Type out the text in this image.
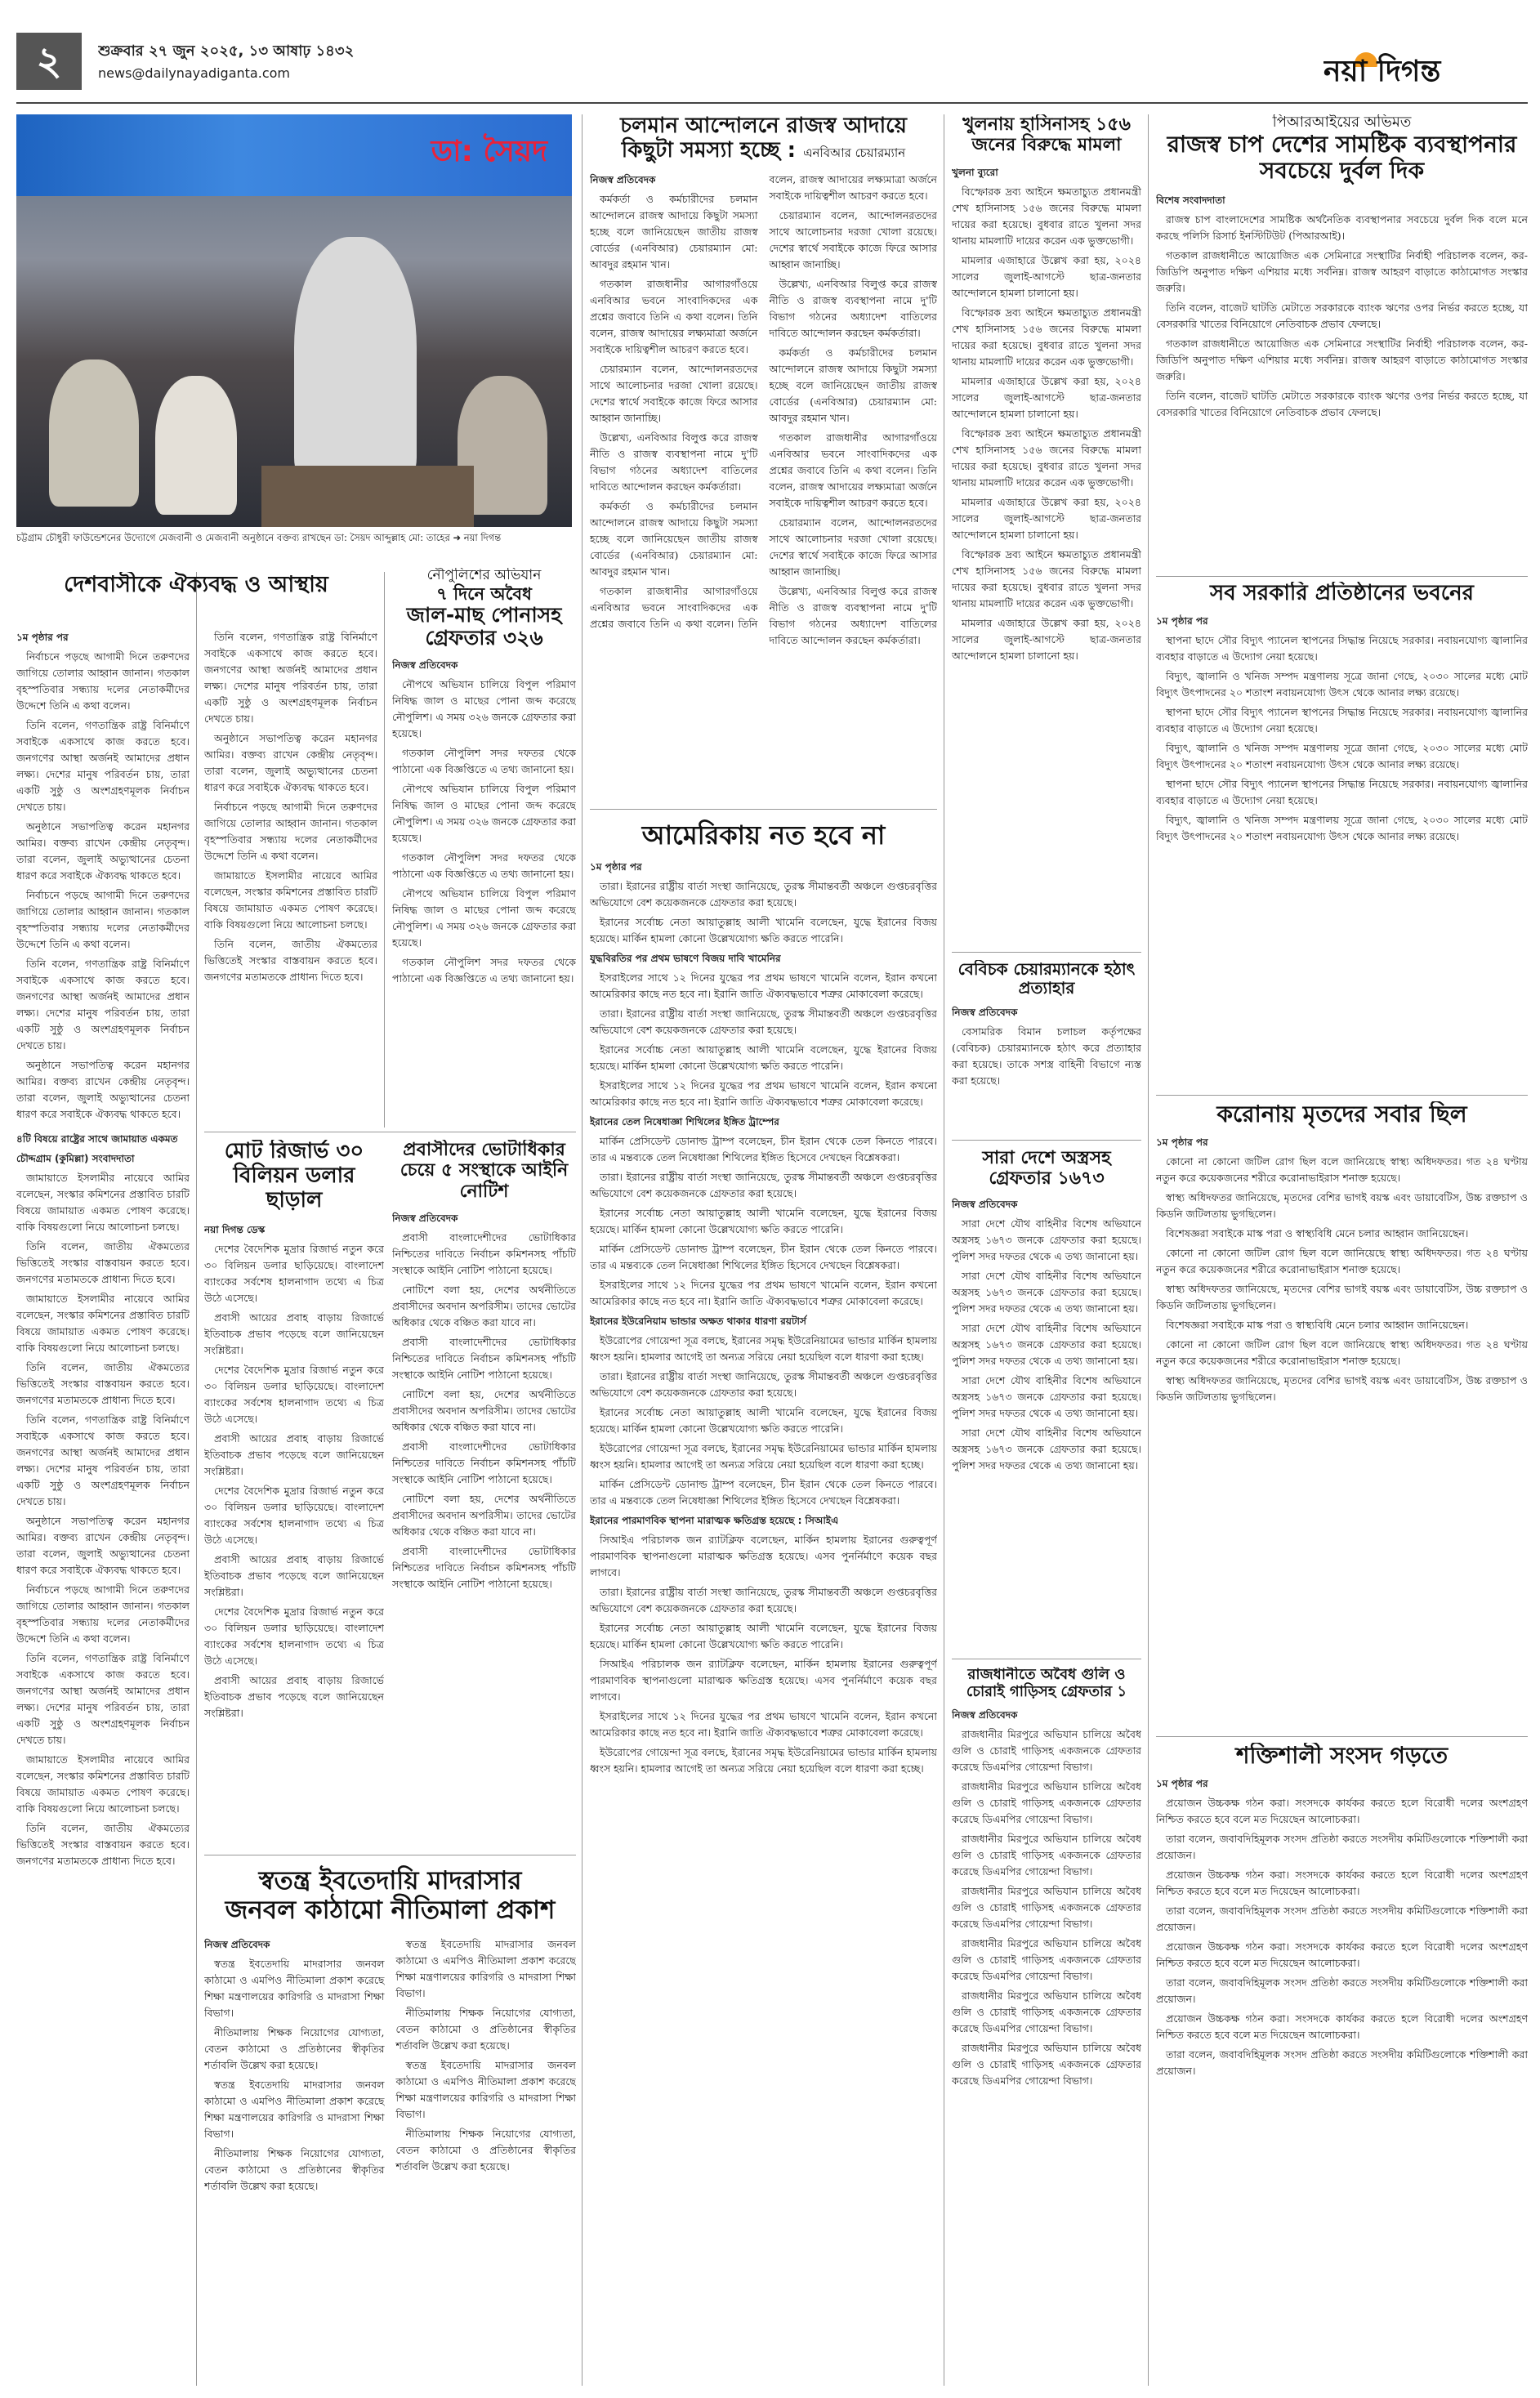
২	শুক্রবার ২৭ জুন ২০২৫, ১৩ আষাঢ় ১৪৩২
news@dailynayadiganta.com	নয়া দিগন্ত
ডা: সৈয়দ
চট্টগ্রাম চৌধুরী ফাউন্ডেশনের উদ্যোগে মেজবানী ও মেজবানী অনুষ্ঠানে বক্তব্য রাখছেন ডা: সৈয়দ আব্দুল্লাহ মো: তাহের ➜ নয়া দিগন্ত
দেশবাসীকে ঐক্যবদ্ধ ও আস্থায়
১ম পৃষ্ঠার পর

নির্বাচনে পড়ছে আগামী দিনে তরুণদের জাগিয়ে তোলার আহ্বান জানান। গতকাল বৃহস্পতিবার সন্ধ্যায় দলের নেতাকর্মীদের উদ্দেশে তিনি এ কথা বলেন।

তিনি বলেন, গণতান্ত্রিক রাষ্ট্র বিনির্মাণে সবাইকে একসাথে কাজ করতে হবে। জনগণের আস্থা অর্জনই আমাদের প্রধান লক্ষ্য। দেশের মানুষ পরিবর্তন চায়, তারা একটি সুষ্ঠু ও অংশগ্রহণমূলক নির্বাচন দেখতে চায়।

অনুষ্ঠানে সভাপতিত্ব করেন মহানগর আমির। বক্তব্য রাখেন কেন্দ্রীয় নেতৃবৃন্দ। তারা বলেন, জুলাই অভ্যুত্থানের চেতনা ধারণ করে সবাইকে ঐক্যবদ্ধ থাকতে হবে।

নির্বাচনে পড়ছে আগামী দিনে তরুণদের জাগিয়ে তোলার আহ্বান জানান। গতকাল বৃহস্পতিবার সন্ধ্যায় দলের নেতাকর্মীদের উদ্দেশে তিনি এ কথা বলেন।

তিনি বলেন, গণতান্ত্রিক রাষ্ট্র বিনির্মাণে সবাইকে একসাথে কাজ করতে হবে। জনগণের আস্থা অর্জনই আমাদের প্রধান লক্ষ্য। দেশের মানুষ পরিবর্তন চায়, তারা একটি সুষ্ঠু ও অংশগ্রহণমূলক নির্বাচন দেখতে চায়।

অনুষ্ঠানে সভাপতিত্ব করেন মহানগর আমির। বক্তব্য রাখেন কেন্দ্রীয় নেতৃবৃন্দ। তারা বলেন, জুলাই অভ্যুত্থানের চেতনা ধারণ করে সবাইকে ঐক্যবদ্ধ থাকতে হবে।

৪টি বিষয়ে রাষ্ট্রের সাথে জামায়াত একমত
চৌদ্দগ্রাম (কুমিল্লা) সংবাদদাতা

জামায়াতে ইসলামীর নায়েবে আমির বলেছেন, সংস্কার কমিশনের প্রস্তাবিত চারটি বিষয়ে জামায়াত একমত পোষণ করেছে। বাকি বিষয়গুলো নিয়ে আলোচনা চলছে।

তিনি বলেন, জাতীয় ঐকমত্যের ভিত্তিতেই সংস্কার বাস্তবায়ন করতে হবে। জনগণের মতামতকে প্রাধান্য দিতে হবে।

জামায়াতে ইসলামীর নায়েবে আমির বলেছেন, সংস্কার কমিশনের প্রস্তাবিত চারটি বিষয়ে জামায়াত একমত পোষণ করেছে। বাকি বিষয়গুলো নিয়ে আলোচনা চলছে।

তিনি বলেন, জাতীয় ঐকমত্যের ভিত্তিতেই সংস্কার বাস্তবায়ন করতে হবে। জনগণের মতামতকে প্রাধান্য দিতে হবে।

তিনি বলেন, গণতান্ত্রিক রাষ্ট্র বিনির্মাণে সবাইকে একসাথে কাজ করতে হবে। জনগণের আস্থা অর্জনই আমাদের প্রধান লক্ষ্য। দেশের মানুষ পরিবর্তন চায়, তারা একটি সুষ্ঠু ও অংশগ্রহণমূলক নির্বাচন দেখতে চায়।

অনুষ্ঠানে সভাপতিত্ব করেন মহানগর আমির। বক্তব্য রাখেন কেন্দ্রীয় নেতৃবৃন্দ। তারা বলেন, জুলাই অভ্যুত্থানের চেতনা ধারণ করে সবাইকে ঐক্যবদ্ধ থাকতে হবে।

নির্বাচনে পড়ছে আগামী দিনে তরুণদের জাগিয়ে তোলার আহ্বান জানান। গতকাল বৃহস্পতিবার সন্ধ্যায় দলের নেতাকর্মীদের উদ্দেশে তিনি এ কথা বলেন।

তিনি বলেন, গণতান্ত্রিক রাষ্ট্র বিনির্মাণে সবাইকে একসাথে কাজ করতে হবে। জনগণের আস্থা অর্জনই আমাদের প্রধান লক্ষ্য। দেশের মানুষ পরিবর্তন চায়, তারা একটি সুষ্ঠু ও অংশগ্রহণমূলক নির্বাচন দেখতে চায়।

জামায়াতে ইসলামীর নায়েবে আমির বলেছেন, সংস্কার কমিশনের প্রস্তাবিত চারটি বিষয়ে জামায়াত একমত পোষণ করেছে। বাকি বিষয়গুলো নিয়ে আলোচনা চলছে।

তিনি বলেন, জাতীয় ঐকমত্যের ভিত্তিতেই সংস্কার বাস্তবায়ন করতে হবে। জনগণের মতামতকে প্রাধান্য দিতে হবে।

তিনি বলেন, গণতান্ত্রিক রাষ্ট্র বিনির্মাণে সবাইকে একসাথে কাজ করতে হবে। জনগণের আস্থা অর্জনই আমাদের প্রধান লক্ষ্য। দেশের মানুষ পরিবর্তন চায়, তারা একটি সুষ্ঠু ও অংশগ্রহণমূলক নির্বাচন দেখতে চায়।

অনুষ্ঠানে সভাপতিত্ব করেন মহানগর আমির। বক্তব্য রাখেন কেন্দ্রীয় নেতৃবৃন্দ। তারা বলেন, জুলাই অভ্যুত্থানের চেতনা ধারণ করে সবাইকে ঐক্যবদ্ধ থাকতে হবে।

নির্বাচনে পড়ছে আগামী দিনে তরুণদের জাগিয়ে তোলার আহ্বান জানান। গতকাল বৃহস্পতিবার সন্ধ্যায় দলের নেতাকর্মীদের উদ্দেশে তিনি এ কথা বলেন।

জামায়াতে ইসলামীর নায়েবে আমির বলেছেন, সংস্কার কমিশনের প্রস্তাবিত চারটি বিষয়ে জামায়াত একমত পোষণ করেছে। বাকি বিষয়গুলো নিয়ে আলোচনা চলছে।

তিনি বলেন, জাতীয় ঐকমত্যের ভিত্তিতেই সংস্কার বাস্তবায়ন করতে হবে। জনগণের মতামতকে প্রাধান্য দিতে হবে।

নৌপুলিশের অভিযান
৭ দিনে অবৈধ
জাল-মাছ পোনাসহ
গ্রেফতার ৩২৬
নিজস্ব প্রতিবেদক

নৌপথে অভিযান চালিয়ে বিপুল পরিমাণ নিষিদ্ধ জাল ও মাছের পোনা জব্দ করেছে নৌপুলিশ। এ সময় ৩২৬ জনকে গ্রেফতার করা হয়েছে।

গতকাল নৌপুলিশ সদর দফতর থেকে পাঠানো এক বিজ্ঞপ্তিতে এ তথ্য জানানো হয়।

নৌপথে অভিযান চালিয়ে বিপুল পরিমাণ নিষিদ্ধ জাল ও মাছের পোনা জব্দ করেছে নৌপুলিশ। এ সময় ৩২৬ জনকে গ্রেফতার করা হয়েছে।

গতকাল নৌপুলিশ সদর দফতর থেকে পাঠানো এক বিজ্ঞপ্তিতে এ তথ্য জানানো হয়।

নৌপথে অভিযান চালিয়ে বিপুল পরিমাণ নিষিদ্ধ জাল ও মাছের পোনা জব্দ করেছে নৌপুলিশ। এ সময় ৩২৬ জনকে গ্রেফতার করা হয়েছে।

গতকাল নৌপুলিশ সদর দফতর থেকে পাঠানো এক বিজ্ঞপ্তিতে এ তথ্য জানানো হয়।

মোট রিজার্ভ ৩০ বিলিয়ন ডলার ছাড়াল
নয়া দিগন্ত ডেস্ক

দেশের বৈদেশিক মুদ্রার রিজার্ভ নতুন করে ৩০ বিলিয়ন ডলার ছাড়িয়েছে। বাংলাদেশ ব্যাংকের সর্বশেষ হালনাগাদ তথ্যে এ চিত্র উঠে এসেছে।

প্রবাসী আয়ের প্রবাহ বাড়ায় রিজার্ভে ইতিবাচক প্রভাব পড়েছে বলে জানিয়েছেন সংশ্লিষ্টরা।

দেশের বৈদেশিক মুদ্রার রিজার্ভ নতুন করে ৩০ বিলিয়ন ডলার ছাড়িয়েছে। বাংলাদেশ ব্যাংকের সর্বশেষ হালনাগাদ তথ্যে এ চিত্র উঠে এসেছে।

প্রবাসী আয়ের প্রবাহ বাড়ায় রিজার্ভে ইতিবাচক প্রভাব পড়েছে বলে জানিয়েছেন সংশ্লিষ্টরা।

দেশের বৈদেশিক মুদ্রার রিজার্ভ নতুন করে ৩০ বিলিয়ন ডলার ছাড়িয়েছে। বাংলাদেশ ব্যাংকের সর্বশেষ হালনাগাদ তথ্যে এ চিত্র উঠে এসেছে।

প্রবাসী আয়ের প্রবাহ বাড়ায় রিজার্ভে ইতিবাচক প্রভাব পড়েছে বলে জানিয়েছেন সংশ্লিষ্টরা।

দেশের বৈদেশিক মুদ্রার রিজার্ভ নতুন করে ৩০ বিলিয়ন ডলার ছাড়িয়েছে। বাংলাদেশ ব্যাংকের সর্বশেষ হালনাগাদ তথ্যে এ চিত্র উঠে এসেছে।

প্রবাসী আয়ের প্রবাহ বাড়ায় রিজার্ভে ইতিবাচক প্রভাব পড়েছে বলে জানিয়েছেন সংশ্লিষ্টরা।

প্রবাসীদের ভোটাধিকার চেয়ে ৫ সংস্থাকে আইনি নোটিশ
নিজস্ব প্রতিবেদক

প্রবাসী বাংলাদেশীদের ভোটাধিকার নিশ্চিতের দাবিতে নির্বাচন কমিশনসহ পাঁচটি সংস্থাকে আইনি নোটিশ পাঠানো হয়েছে।

নোটিশে বলা হয়, দেশের অর্থনীতিতে প্রবাসীদের অবদান অপরিসীম। তাদের ভোটের অধিকার থেকে বঞ্চিত করা যাবে না।

প্রবাসী বাংলাদেশীদের ভোটাধিকার নিশ্চিতের দাবিতে নির্বাচন কমিশনসহ পাঁচটি সংস্থাকে আইনি নোটিশ পাঠানো হয়েছে।

নোটিশে বলা হয়, দেশের অর্থনীতিতে প্রবাসীদের অবদান অপরিসীম। তাদের ভোটের অধিকার থেকে বঞ্চিত করা যাবে না।

প্রবাসী বাংলাদেশীদের ভোটাধিকার নিশ্চিতের দাবিতে নির্বাচন কমিশনসহ পাঁচটি সংস্থাকে আইনি নোটিশ পাঠানো হয়েছে।

নোটিশে বলা হয়, দেশের অর্থনীতিতে প্রবাসীদের অবদান অপরিসীম। তাদের ভোটের অধিকার থেকে বঞ্চিত করা যাবে না।

প্রবাসী বাংলাদেশীদের ভোটাধিকার নিশ্চিতের দাবিতে নির্বাচন কমিশনসহ পাঁচটি সংস্থাকে আইনি নোটিশ পাঠানো হয়েছে।

স্বতন্ত্র ইবতেদায়ি মাদরাসার জনবল কাঠামো নীতিমালা প্রকাশ
নিজস্ব প্রতিবেদক

স্বতন্ত্র ইবতেদায়ি মাদরাসার জনবল কাঠামো ও এমপিও নীতিমালা প্রকাশ করেছে শিক্ষা মন্ত্রণালয়ের কারিগরি ও মাদরাসা শিক্ষা বিভাগ।

নীতিমালায় শিক্ষক নিয়োগের যোগ্যতা, বেতন কাঠামো ও প্রতিষ্ঠানের স্বীকৃতির শর্তাবলি উল্লেখ করা হয়েছে।

স্বতন্ত্র ইবতেদায়ি মাদরাসার জনবল কাঠামো ও এমপিও নীতিমালা প্রকাশ করেছে শিক্ষা মন্ত্রণালয়ের কারিগরি ও মাদরাসা শিক্ষা বিভাগ।

নীতিমালায় শিক্ষক নিয়োগের যোগ্যতা, বেতন কাঠামো ও প্রতিষ্ঠানের স্বীকৃতির শর্তাবলি উল্লেখ করা হয়েছে।

স্বতন্ত্র ইবতেদায়ি মাদরাসার জনবল কাঠামো ও এমপিও নীতিমালা প্রকাশ করেছে শিক্ষা মন্ত্রণালয়ের কারিগরি ও মাদরাসা শিক্ষা বিভাগ।

নীতিমালায় শিক্ষক নিয়োগের যোগ্যতা, বেতন কাঠামো ও প্রতিষ্ঠানের স্বীকৃতির শর্তাবলি উল্লেখ করা হয়েছে।

স্বতন্ত্র ইবতেদায়ি মাদরাসার জনবল কাঠামো ও এমপিও নীতিমালা প্রকাশ করেছে শিক্ষা মন্ত্রণালয়ের কারিগরি ও মাদরাসা শিক্ষা বিভাগ।

নীতিমালায় শিক্ষক নিয়োগের যোগ্যতা, বেতন কাঠামো ও প্রতিষ্ঠানের স্বীকৃতির শর্তাবলি উল্লেখ করা হয়েছে।

চলমান আন্দোলনে রাজস্ব আদায়ে
কিছুটা সমস্যা হচ্ছে : এনবিআর চেয়ারম্যান
নিজস্ব প্রতিবেদক

কর্মকর্তা ও কর্মচারীদের চলমান আন্দোলনে রাজস্ব আদায়ে কিছুটা সমস্যা হচ্ছে বলে জানিয়েছেন জাতীয় রাজস্ব বোর্ডের (এনবিআর) চেয়ারম্যান মো: আবদুর রহমান খান।

গতকাল রাজধানীর আগারগাঁওয়ে এনবিআর ভবনে সাংবাদিকদের এক প্রশ্নের জবাবে তিনি এ কথা বলেন। তিনি বলেন, রাজস্ব আদায়ের লক্ষ্যমাত্রা অর্জনে সবাইকে দায়িত্বশীল আচরণ করতে হবে।

চেয়ারম্যান বলেন, আন্দোলনরতদের সাথে আলোচনার দরজা খোলা রয়েছে। দেশের স্বার্থে সবাইকে কাজে ফিরে আসার আহ্বান জানাচ্ছি।

উল্লেখ্য, এনবিআর বিলুপ্ত করে রাজস্ব নীতি ও রাজস্ব ব্যবস্থাপনা নামে দু'টি বিভাগ গঠনের অধ্যাদেশ বাতিলের দাবিতে আন্দোলন করছেন কর্মকর্তারা।

কর্মকর্তা ও কর্মচারীদের চলমান আন্দোলনে রাজস্ব আদায়ে কিছুটা সমস্যা হচ্ছে বলে জানিয়েছেন জাতীয় রাজস্ব বোর্ডের (এনবিআর) চেয়ারম্যান মো: আবদুর রহমান খান।

গতকাল রাজধানীর আগারগাঁওয়ে এনবিআর ভবনে সাংবাদিকদের এক প্রশ্নের জবাবে তিনি এ কথা বলেন। তিনি বলেন, রাজস্ব আদায়ের লক্ষ্যমাত্রা অর্জনে সবাইকে দায়িত্বশীল আচরণ করতে হবে।

চেয়ারম্যান বলেন, আন্দোলনরতদের সাথে আলোচনার দরজা খোলা রয়েছে। দেশের স্বার্থে সবাইকে কাজে ফিরে আসার আহ্বান জানাচ্ছি।

উল্লেখ্য, এনবিআর বিলুপ্ত করে রাজস্ব নীতি ও রাজস্ব ব্যবস্থাপনা নামে দু'টি বিভাগ গঠনের অধ্যাদেশ বাতিলের দাবিতে আন্দোলন করছেন কর্মকর্তারা।

কর্মকর্তা ও কর্মচারীদের চলমান আন্দোলনে রাজস্ব আদায়ে কিছুটা সমস্যা হচ্ছে বলে জানিয়েছেন জাতীয় রাজস্ব বোর্ডের (এনবিআর) চেয়ারম্যান মো: আবদুর রহমান খান।

গতকাল রাজধানীর আগারগাঁওয়ে এনবিআর ভবনে সাংবাদিকদের এক প্রশ্নের জবাবে তিনি এ কথা বলেন। তিনি বলেন, রাজস্ব আদায়ের লক্ষ্যমাত্রা অর্জনে সবাইকে দায়িত্বশীল আচরণ করতে হবে।

চেয়ারম্যান বলেন, আন্দোলনরতদের সাথে আলোচনার দরজা খোলা রয়েছে। দেশের স্বার্থে সবাইকে কাজে ফিরে আসার আহ্বান জানাচ্ছি।

উল্লেখ্য, এনবিআর বিলুপ্ত করে রাজস্ব নীতি ও রাজস্ব ব্যবস্থাপনা নামে দু'টি বিভাগ গঠনের অধ্যাদেশ বাতিলের দাবিতে আন্দোলন করছেন কর্মকর্তারা।

আমেরিকায় নত হবে না
১ম পৃষ্ঠার পর

তারা। ইরানের রাষ্ট্রীয় বার্তা সংস্থা জানিয়েছে, তুরস্ক সীমান্তবর্তী অঞ্চলে গুপ্তচরবৃত্তির অভিযোগে বেশ কয়েকজনকে গ্রেফতার করা হয়েছে।

ইরানের সর্বোচ্চ নেতা আয়াতুল্লাহ আলী খামেনি বলেছেন, যুদ্ধে ইরানের বিজয় হয়েছে। মার্কিন হামলা কোনো উল্লেখযোগ্য ক্ষতি করতে পারেনি।

যুদ্ধবিরতির পর প্রথম ভাষণে বিজয় দাবি খামেনির

ইসরাইলের সাথে ১২ দিনের যুদ্ধের পর প্রথম ভাষণে খামেনি বলেন, ইরান কখনো আমেরিকার কাছে নত হবে না। ইরানি জাতি ঐক্যবদ্ধভাবে শত্রুর মোকাবেলা করেছে।

তারা। ইরানের রাষ্ট্রীয় বার্তা সংস্থা জানিয়েছে, তুরস্ক সীমান্তবর্তী অঞ্চলে গুপ্তচরবৃত্তির অভিযোগে বেশ কয়েকজনকে গ্রেফতার করা হয়েছে।

ইরানের সর্বোচ্চ নেতা আয়াতুল্লাহ আলী খামেনি বলেছেন, যুদ্ধে ইরানের বিজয় হয়েছে। মার্কিন হামলা কোনো উল্লেখযোগ্য ক্ষতি করতে পারেনি।

ইসরাইলের সাথে ১২ দিনের যুদ্ধের পর প্রথম ভাষণে খামেনি বলেন, ইরান কখনো আমেরিকার কাছে নত হবে না। ইরানি জাতি ঐক্যবদ্ধভাবে শত্রুর মোকাবেলা করেছে।

ইরানের তেল নিষেধাজ্ঞা শিথিলের ইঙ্গিত ট্রাম্পের

মার্কিন প্রেসিডেন্ট ডোনাল্ড ট্রাম্প বলেছেন, চীন ইরান থেকে তেল কিনতে পারবে। তার এ মন্তব্যকে তেল নিষেধাজ্ঞা শিথিলের ইঙ্গিত হিসেবে দেখছেন বিশ্লেষকরা।

তারা। ইরানের রাষ্ট্রীয় বার্তা সংস্থা জানিয়েছে, তুরস্ক সীমান্তবর্তী অঞ্চলে গুপ্তচরবৃত্তির অভিযোগে বেশ কয়েকজনকে গ্রেফতার করা হয়েছে।

ইরানের সর্বোচ্চ নেতা আয়াতুল্লাহ আলী খামেনি বলেছেন, যুদ্ধে ইরানের বিজয় হয়েছে। মার্কিন হামলা কোনো উল্লেখযোগ্য ক্ষতি করতে পারেনি।

মার্কিন প্রেসিডেন্ট ডোনাল্ড ট্রাম্প বলেছেন, চীন ইরান থেকে তেল কিনতে পারবে। তার এ মন্তব্যকে তেল নিষেধাজ্ঞা শিথিলের ইঙ্গিত হিসেবে দেখছেন বিশ্লেষকরা।

ইসরাইলের সাথে ১২ দিনের যুদ্ধের পর প্রথম ভাষণে খামেনি বলেন, ইরান কখনো আমেরিকার কাছে নত হবে না। ইরানি জাতি ঐক্যবদ্ধভাবে শত্রুর মোকাবেলা করেছে।

ইরানের ইউরেনিয়াম ভান্ডার অক্ষত থাকার ধারণা রয়টার্স

ইউরোপের গোয়েন্দা সূত্র বলছে, ইরানের সমৃদ্ধ ইউরেনিয়ামের ভান্ডার মার্কিন হামলায় ধ্বংস হয়নি। হামলার আগেই তা অন্যত্র সরিয়ে নেয়া হয়েছিল বলে ধারণা করা হচ্ছে।

তারা। ইরানের রাষ্ট্রীয় বার্তা সংস্থা জানিয়েছে, তুরস্ক সীমান্তবর্তী অঞ্চলে গুপ্তচরবৃত্তির অভিযোগে বেশ কয়েকজনকে গ্রেফতার করা হয়েছে।

ইরানের সর্বোচ্চ নেতা আয়াতুল্লাহ আলী খামেনি বলেছেন, যুদ্ধে ইরানের বিজয় হয়েছে। মার্কিন হামলা কোনো উল্লেখযোগ্য ক্ষতি করতে পারেনি।

ইউরোপের গোয়েন্দা সূত্র বলছে, ইরানের সমৃদ্ধ ইউরেনিয়ামের ভান্ডার মার্কিন হামলায় ধ্বংস হয়নি। হামলার আগেই তা অন্যত্র সরিয়ে নেয়া হয়েছিল বলে ধারণা করা হচ্ছে।

মার্কিন প্রেসিডেন্ট ডোনাল্ড ট্রাম্প বলেছেন, চীন ইরান থেকে তেল কিনতে পারবে। তার এ মন্তব্যকে তেল নিষেধাজ্ঞা শিথিলের ইঙ্গিত হিসেবে দেখছেন বিশ্লেষকরা।

ইরানের পারমাণবিক স্থাপনা মারাত্মক ক্ষতিগ্রস্ত হয়েছে : সিআইএ

সিআইএ পরিচালক জন র‍্যাটক্লিফ বলেছেন, মার্কিন হামলায় ইরানের গুরুত্বপূর্ণ পারমাণবিক স্থাপনাগুলো মারাত্মক ক্ষতিগ্রস্ত হয়েছে। এসব পুনর্নির্মাণে কয়েক বছর লাগবে।

তারা। ইরানের রাষ্ট্রীয় বার্তা সংস্থা জানিয়েছে, তুরস্ক সীমান্তবর্তী অঞ্চলে গুপ্তচরবৃত্তির অভিযোগে বেশ কয়েকজনকে গ্রেফতার করা হয়েছে।

ইরানের সর্বোচ্চ নেতা আয়াতুল্লাহ আলী খামেনি বলেছেন, যুদ্ধে ইরানের বিজয় হয়েছে। মার্কিন হামলা কোনো উল্লেখযোগ্য ক্ষতি করতে পারেনি।

সিআইএ পরিচালক জন র‍্যাটক্লিফ বলেছেন, মার্কিন হামলায় ইরানের গুরুত্বপূর্ণ পারমাণবিক স্থাপনাগুলো মারাত্মক ক্ষতিগ্রস্ত হয়েছে। এসব পুনর্নির্মাণে কয়েক বছর লাগবে।

ইসরাইলের সাথে ১২ দিনের যুদ্ধের পর প্রথম ভাষণে খামেনি বলেন, ইরান কখনো আমেরিকার কাছে নত হবে না। ইরানি জাতি ঐক্যবদ্ধভাবে শত্রুর মোকাবেলা করেছে।

ইউরোপের গোয়েন্দা সূত্র বলছে, ইরানের সমৃদ্ধ ইউরেনিয়ামের ভান্ডার মার্কিন হামলায় ধ্বংস হয়নি। হামলার আগেই তা অন্যত্র সরিয়ে নেয়া হয়েছিল বলে ধারণা করা হচ্ছে।

খুলনায় হাসিনাসহ ১৫৬ জনের বিরুদ্ধে মামলা
খুলনা ব্যুরো

বিস্ফোরক দ্রব্য আইনে ক্ষমতাচ্যুত প্রধানমন্ত্রী শেখ হাসিনাসহ ১৫৬ জনের বিরুদ্ধে মামলা দায়ের করা হয়েছে। বুধবার রাতে খুলনা সদর থানায় মামলাটি দায়ের করেন এক ভুক্তভোগী।

মামলার এজাহারে উল্লেখ করা হয়, ২০২৪ সালের জুলাই-আগস্টে ছাত্র-জনতার আন্দোলনে হামলা চালানো হয়।

বিস্ফোরক দ্রব্য আইনে ক্ষমতাচ্যুত প্রধানমন্ত্রী শেখ হাসিনাসহ ১৫৬ জনের বিরুদ্ধে মামলা দায়ের করা হয়েছে। বুধবার রাতে খুলনা সদর থানায় মামলাটি দায়ের করেন এক ভুক্তভোগী।

মামলার এজাহারে উল্লেখ করা হয়, ২০২৪ সালের জুলাই-আগস্টে ছাত্র-জনতার আন্দোলনে হামলা চালানো হয়।

বিস্ফোরক দ্রব্য আইনে ক্ষমতাচ্যুত প্রধানমন্ত্রী শেখ হাসিনাসহ ১৫৬ জনের বিরুদ্ধে মামলা দায়ের করা হয়েছে। বুধবার রাতে খুলনা সদর থানায় মামলাটি দায়ের করেন এক ভুক্তভোগী।

মামলার এজাহারে উল্লেখ করা হয়, ২০২৪ সালের জুলাই-আগস্টে ছাত্র-জনতার আন্দোলনে হামলা চালানো হয়।

বিস্ফোরক দ্রব্য আইনে ক্ষমতাচ্যুত প্রধানমন্ত্রী শেখ হাসিনাসহ ১৫৬ জনের বিরুদ্ধে মামলা দায়ের করা হয়েছে। বুধবার রাতে খুলনা সদর থানায় মামলাটি দায়ের করেন এক ভুক্তভোগী।

মামলার এজাহারে উল্লেখ করা হয়, ২০২৪ সালের জুলাই-আগস্টে ছাত্র-জনতার আন্দোলনে হামলা চালানো হয়।

বেবিচক চেয়ারম্যানকে হঠাৎ প্রত্যাহার
নিজস্ব প্রতিবেদক

বেসামরিক বিমান চলাচল কর্তৃপক্ষের (বেবিচক) চেয়ারম্যানকে হঠাৎ করে প্রত্যাহার করা হয়েছে। তাকে সশস্ত্র বাহিনী বিভাগে ন্যস্ত করা হয়েছে।

সারা দেশে অস্ত্রসহ গ্রেফতার ১৬৭৩
নিজস্ব প্রতিবেদক

সারা দেশে যৌথ বাহিনীর বিশেষ অভিযানে অস্ত্রসহ ১৬৭৩ জনকে গ্রেফতার করা হয়েছে। পুলিশ সদর দফতর থেকে এ তথ্য জানানো হয়।

সারা দেশে যৌথ বাহিনীর বিশেষ অভিযানে অস্ত্রসহ ১৬৭৩ জনকে গ্রেফতার করা হয়েছে। পুলিশ সদর দফতর থেকে এ তথ্য জানানো হয়।

সারা দেশে যৌথ বাহিনীর বিশেষ অভিযানে অস্ত্রসহ ১৬৭৩ জনকে গ্রেফতার করা হয়েছে। পুলিশ সদর দফতর থেকে এ তথ্য জানানো হয়।

সারা দেশে যৌথ বাহিনীর বিশেষ অভিযানে অস্ত্রসহ ১৬৭৩ জনকে গ্রেফতার করা হয়েছে। পুলিশ সদর দফতর থেকে এ তথ্য জানানো হয়।

সারা দেশে যৌথ বাহিনীর বিশেষ অভিযানে অস্ত্রসহ ১৬৭৩ জনকে গ্রেফতার করা হয়েছে। পুলিশ সদর দফতর থেকে এ তথ্য জানানো হয়।

রাজধানীতে অবৈধ গুলি ও চোরাই গাড়িসহ গ্রেফতার ১
নিজস্ব প্রতিবেদক

রাজধানীর মিরপুরে অভিযান চালিয়ে অবৈধ গুলি ও চোরাই গাড়িসহ একজনকে গ্রেফতার করেছে ডিএমপির গোয়েন্দা বিভাগ।

রাজধানীর মিরপুরে অভিযান চালিয়ে অবৈধ গুলি ও চোরাই গাড়িসহ একজনকে গ্রেফতার করেছে ডিএমপির গোয়েন্দা বিভাগ।

রাজধানীর মিরপুরে অভিযান চালিয়ে অবৈধ গুলি ও চোরাই গাড়িসহ একজনকে গ্রেফতার করেছে ডিএমপির গোয়েন্দা বিভাগ।

রাজধানীর মিরপুরে অভিযান চালিয়ে অবৈধ গুলি ও চোরাই গাড়িসহ একজনকে গ্রেফতার করেছে ডিএমপির গোয়েন্দা বিভাগ।

রাজধানীর মিরপুরে অভিযান চালিয়ে অবৈধ গুলি ও চোরাই গাড়িসহ একজনকে গ্রেফতার করেছে ডিএমপির গোয়েন্দা বিভাগ।

রাজধানীর মিরপুরে অভিযান চালিয়ে অবৈধ গুলি ও চোরাই গাড়িসহ একজনকে গ্রেফতার করেছে ডিএমপির গোয়েন্দা বিভাগ।

রাজধানীর মিরপুরে অভিযান চালিয়ে অবৈধ গুলি ও চোরাই গাড়িসহ একজনকে গ্রেফতার করেছে ডিএমপির গোয়েন্দা বিভাগ।

পিআরআইয়ের অভিমত
রাজস্ব চাপ দেশের সামষ্টিক ব্যবস্থাপনার সবচেয়ে দুর্বল দিক
বিশেষ সংবাদদাতা

রাজস্ব চাপ বাংলাদেশের সামষ্টিক অর্থনৈতিক ব্যবস্থাপনার সবচেয়ে দুর্বল দিক বলে মনে করছে পলিসি রিসার্চ ইনস্টিটিউট (পিআরআই)।

গতকাল রাজধানীতে আয়োজিত এক সেমিনারে সংস্থাটির নির্বাহী পরিচালক বলেন, কর-জিডিপি অনুপাত দক্ষিণ এশিয়ার মধ্যে সর্বনিম্ন। রাজস্ব আহরণ বাড়াতে কাঠামোগত সংস্কার জরুরি।

তিনি বলেন, বাজেট ঘাটতি মেটাতে সরকারকে ব্যাংক ঋণের ওপর নির্ভর করতে হচ্ছে, যা বেসরকারি খাতের বিনিয়োগে নেতিবাচক প্রভাব ফেলছে।

গতকাল রাজধানীতে আয়োজিত এক সেমিনারে সংস্থাটির নির্বাহী পরিচালক বলেন, কর-জিডিপি অনুপাত দক্ষিণ এশিয়ার মধ্যে সর্বনিম্ন। রাজস্ব আহরণ বাড়াতে কাঠামোগত সংস্কার জরুরি।

তিনি বলেন, বাজেট ঘাটতি মেটাতে সরকারকে ব্যাংক ঋণের ওপর নির্ভর করতে হচ্ছে, যা বেসরকারি খাতের বিনিয়োগে নেতিবাচক প্রভাব ফেলছে।

সব সরকারি প্রতিষ্ঠানের ভবনের
১ম পৃষ্ঠার পর

স্থাপনা ছাদে সৌর বিদ্যুৎ প্যানেল স্থাপনের সিদ্ধান্ত নিয়েছে সরকার। নবায়নযোগ্য জ্বালানির ব্যবহার বাড়াতে এ উদ্যোগ নেয়া হয়েছে।

বিদ্যুৎ, জ্বালানি ও খনিজ সম্পদ মন্ত্রণালয় সূত্রে জানা গেছে, ২০৩০ সালের মধ্যে মোট বিদ্যুৎ উৎপাদনের ২০ শতাংশ নবায়নযোগ্য উৎস থেকে আনার লক্ষ্য রয়েছে।

স্থাপনা ছাদে সৌর বিদ্যুৎ প্যানেল স্থাপনের সিদ্ধান্ত নিয়েছে সরকার। নবায়নযোগ্য জ্বালানির ব্যবহার বাড়াতে এ উদ্যোগ নেয়া হয়েছে।

বিদ্যুৎ, জ্বালানি ও খনিজ সম্পদ মন্ত্রণালয় সূত্রে জানা গেছে, ২০৩০ সালের মধ্যে মোট বিদ্যুৎ উৎপাদনের ২০ শতাংশ নবায়নযোগ্য উৎস থেকে আনার লক্ষ্য রয়েছে।

স্থাপনা ছাদে সৌর বিদ্যুৎ প্যানেল স্থাপনের সিদ্ধান্ত নিয়েছে সরকার। নবায়নযোগ্য জ্বালানির ব্যবহার বাড়াতে এ উদ্যোগ নেয়া হয়েছে।

বিদ্যুৎ, জ্বালানি ও খনিজ সম্পদ মন্ত্রণালয় সূত্রে জানা গেছে, ২০৩০ সালের মধ্যে মোট বিদ্যুৎ উৎপাদনের ২০ শতাংশ নবায়নযোগ্য উৎস থেকে আনার লক্ষ্য রয়েছে।

করোনায় মৃতদের সবার ছিল
১ম পৃষ্ঠার পর

কোনো না কোনো জটিল রোগ ছিল বলে জানিয়েছে স্বাস্থ্য অধিদফতর। গত ২৪ ঘণ্টায় নতুন করে কয়েকজনের শরীরে করোনাভাইরাস শনাক্ত হয়েছে।

স্বাস্থ্য অধিদফতর জানিয়েছে, মৃতদের বেশির ভাগই বয়স্ক এবং ডায়াবেটিস, উচ্চ রক্তচাপ ও কিডনি জটিলতায় ভুগছিলেন।

বিশেষজ্ঞরা সবাইকে মাস্ক পরা ও স্বাস্থ্যবিধি মেনে চলার আহ্বান জানিয়েছেন।

কোনো না কোনো জটিল রোগ ছিল বলে জানিয়েছে স্বাস্থ্য অধিদফতর। গত ২৪ ঘণ্টায় নতুন করে কয়েকজনের শরীরে করোনাভাইরাস শনাক্ত হয়েছে।

স্বাস্থ্য অধিদফতর জানিয়েছে, মৃতদের বেশির ভাগই বয়স্ক এবং ডায়াবেটিস, উচ্চ রক্তচাপ ও কিডনি জটিলতায় ভুগছিলেন।

বিশেষজ্ঞরা সবাইকে মাস্ক পরা ও স্বাস্থ্যবিধি মেনে চলার আহ্বান জানিয়েছেন।

কোনো না কোনো জটিল রোগ ছিল বলে জানিয়েছে স্বাস্থ্য অধিদফতর। গত ২৪ ঘণ্টায় নতুন করে কয়েকজনের শরীরে করোনাভাইরাস শনাক্ত হয়েছে।

স্বাস্থ্য অধিদফতর জানিয়েছে, মৃতদের বেশির ভাগই বয়স্ক এবং ডায়াবেটিস, উচ্চ রক্তচাপ ও কিডনি জটিলতায় ভুগছিলেন।

শক্তিশালী সংসদ গড়তে
১ম পৃষ্ঠার পর

প্রয়োজন উচ্চকক্ষ গঠন করা। সংসদকে কার্যকর করতে হলে বিরোধী দলের অংশগ্রহণ নিশ্চিত করতে হবে বলে মত দিয়েছেন আলোচকরা।

তারা বলেন, জবাবদিহিমূলক সংসদ প্রতিষ্ঠা করতে সংসদীয় কমিটিগুলোকে শক্তিশালী করা প্রয়োজন।

প্রয়োজন উচ্চকক্ষ গঠন করা। সংসদকে কার্যকর করতে হলে বিরোধী দলের অংশগ্রহণ নিশ্চিত করতে হবে বলে মত দিয়েছেন আলোচকরা।

তারা বলেন, জবাবদিহিমূলক সংসদ প্রতিষ্ঠা করতে সংসদীয় কমিটিগুলোকে শক্তিশালী করা প্রয়োজন।

প্রয়োজন উচ্চকক্ষ গঠন করা। সংসদকে কার্যকর করতে হলে বিরোধী দলের অংশগ্রহণ নিশ্চিত করতে হবে বলে মত দিয়েছেন আলোচকরা।

তারা বলেন, জবাবদিহিমূলক সংসদ প্রতিষ্ঠা করতে সংসদীয় কমিটিগুলোকে শক্তিশালী করা প্রয়োজন।

প্রয়োজন উচ্চকক্ষ গঠন করা। সংসদকে কার্যকর করতে হলে বিরোধী দলের অংশগ্রহণ নিশ্চিত করতে হবে বলে মত দিয়েছেন আলোচকরা।

তারা বলেন, জবাবদিহিমূলক সংসদ প্রতিষ্ঠা করতে সংসদীয় কমিটিগুলোকে শক্তিশালী করা প্রয়োজন।
